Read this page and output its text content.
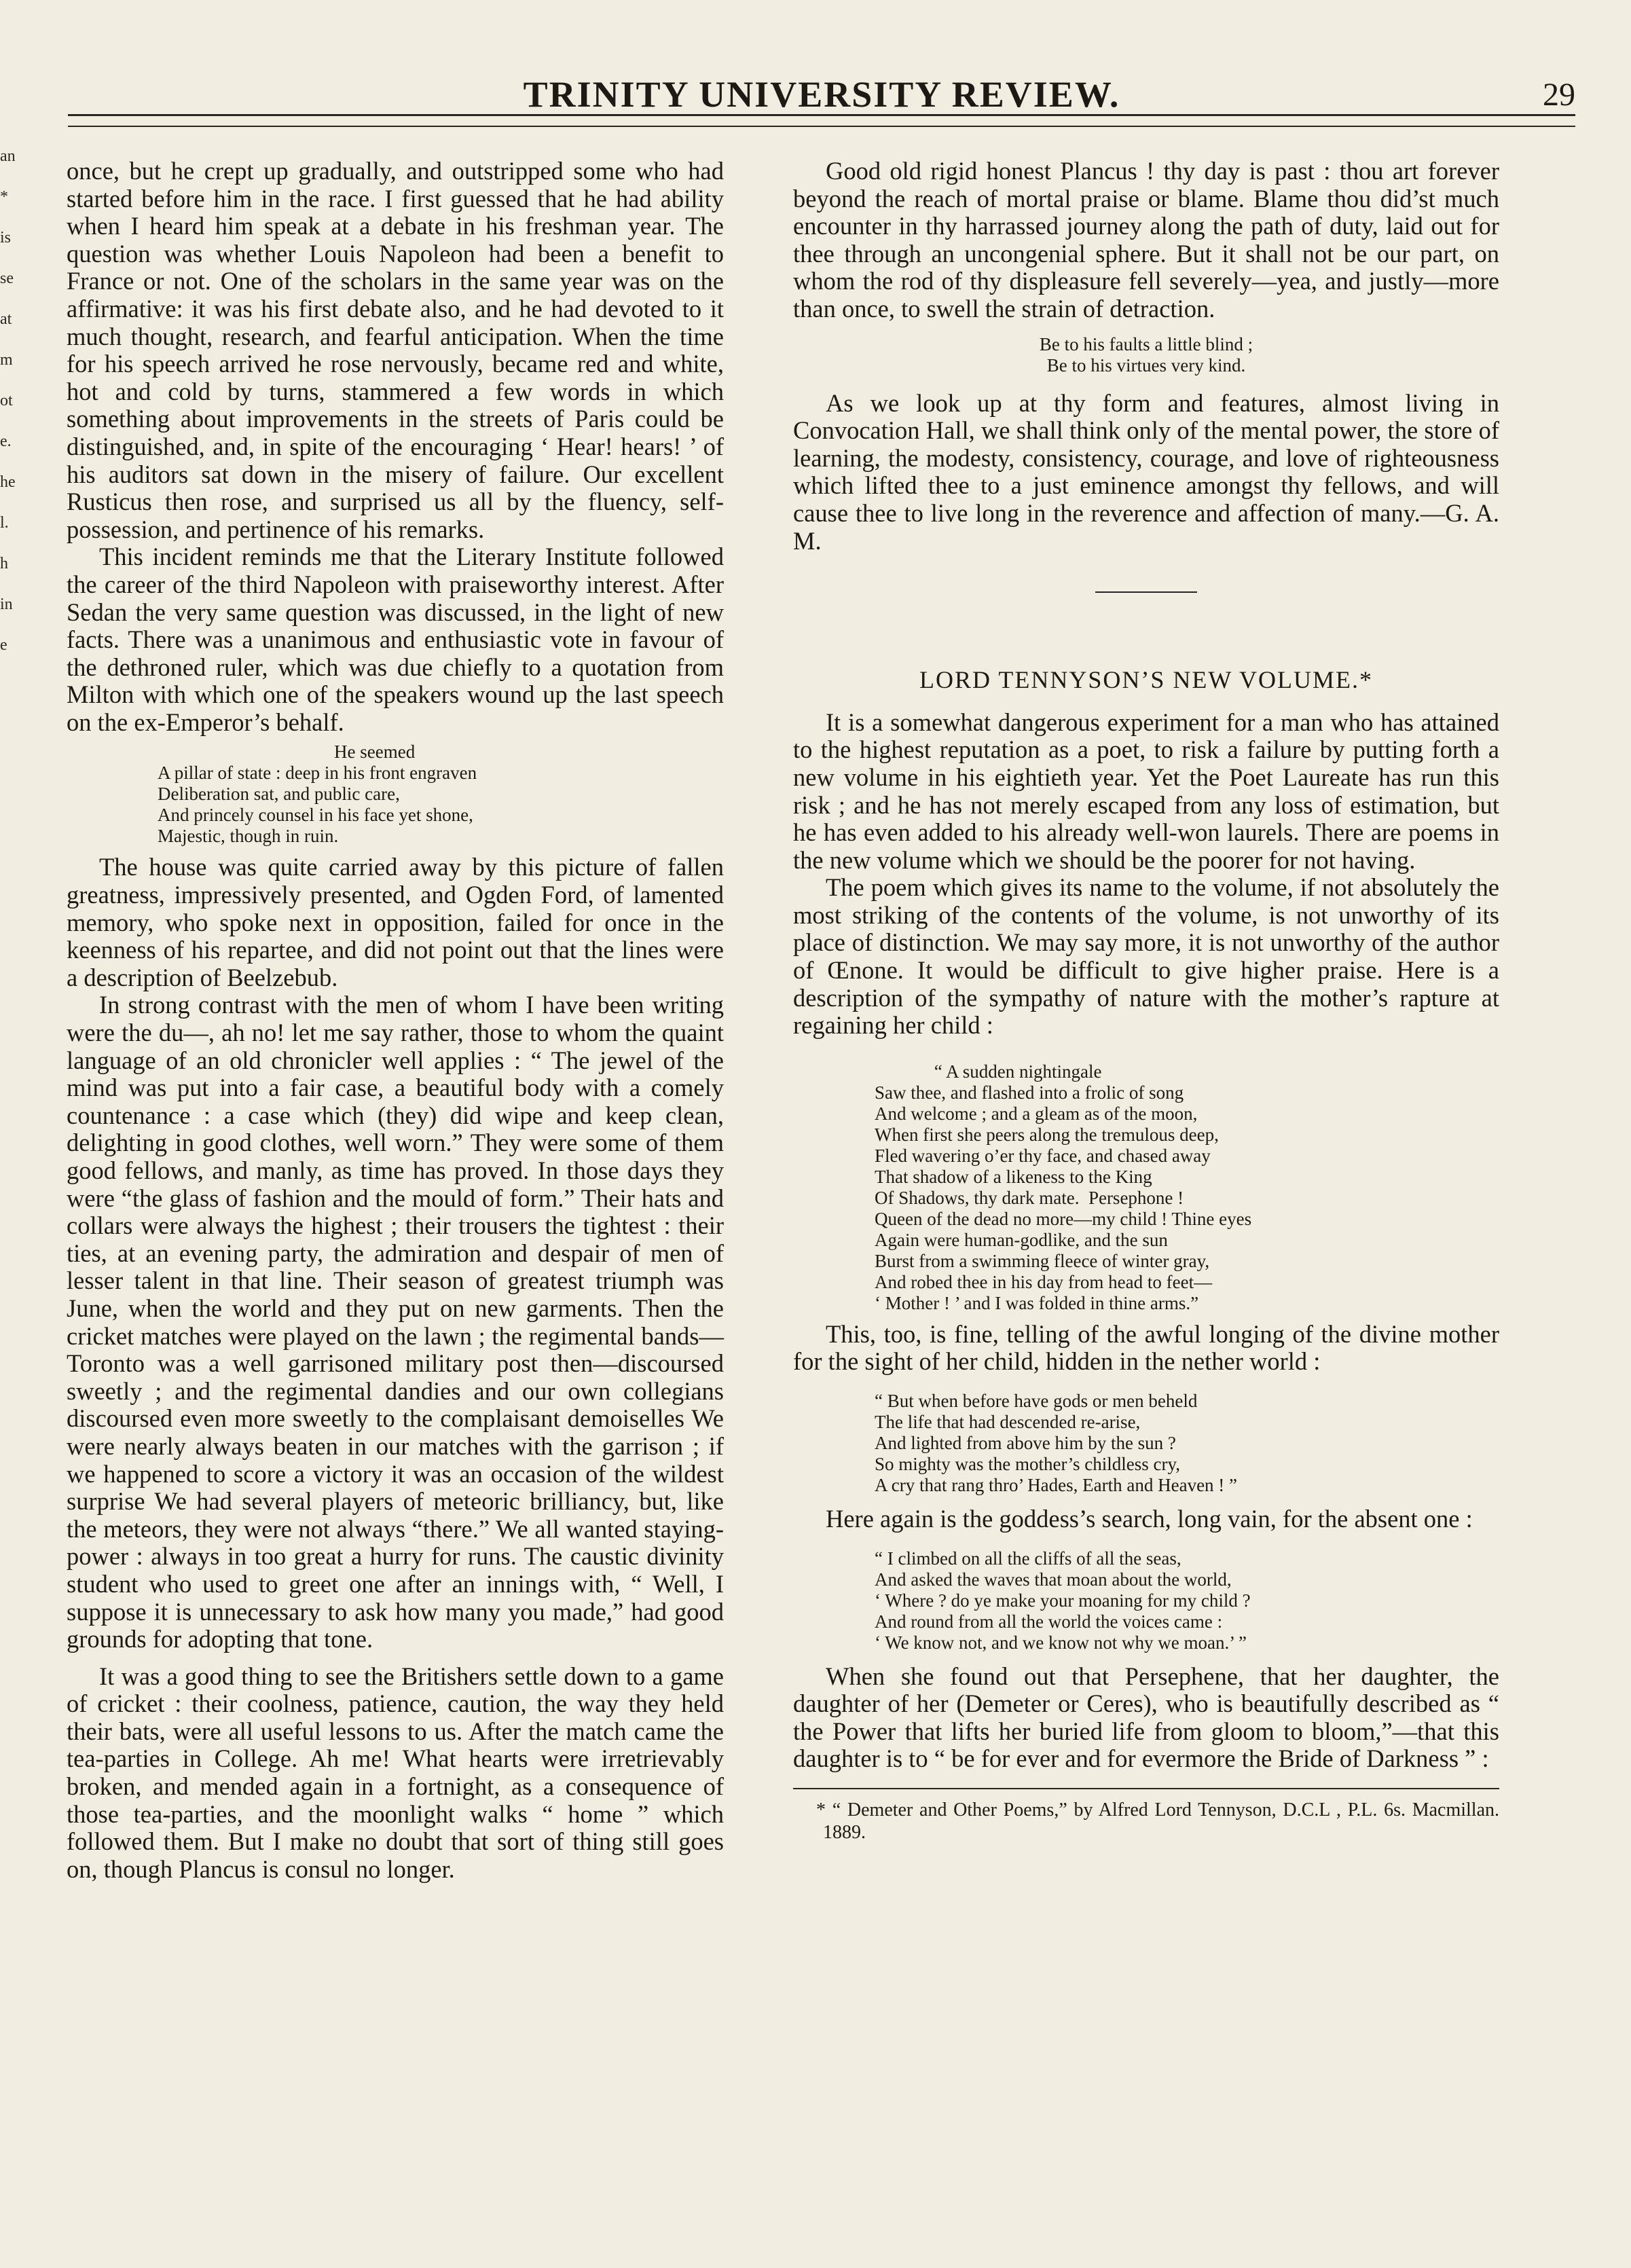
an
*
is
se
at
m
ot
e.
he
l.
h
in
e
TRINITY UNIVERSITY REVIEW.	29

once, but he crept up gradually, and outstripped some who had started before him in the race. I first guessed that he had ability when I heard him speak at a debate in his freshman year. The question was whether Louis Napoleon had been a benefit to France or not. One of the scholars in the same year was on the affirmative: it was his first debate also, and he had devoted to it much thought, research, and fearful anticipation. When the time for his speech arrived he rose nervously, became red and white, hot and cold by turns, stammered a few words in which something about improvements in the streets of Paris could be distinguished, and, in spite of the encouraging ‘ Hear! hears! ’ of his auditors sat down in the misery of failure. Our excellent Rusticus then rose, and surprised us all by the fluency, self-possession, and pertinence of his remarks.

This incident reminds me that the Literary Institute followed the career of the third Napoleon with praiseworthy interest. After Sedan the very same question was discussed, in the light of new facts. There was a unanimous and enthusiastic vote in favour of the dethroned ruler, which was due chiefly to a quotation from Milton with which one of the speakers wound up the last speech on the ex-Emperor’s behalf.

He seemed
A pillar of state : deep in his front engraven
Deliberation sat, and public care,
And princely counsel in his face yet shone,
Majestic, though in ruin.

The house was quite carried away by this picture of fallen greatness, impressively presented, and Ogden Ford, of lamented memory, who spoke next in opposition, failed for once in the keenness of his repartee, and did not point out that the lines were a description of Beelzebub.

In strong contrast with the men of whom I have been writing were the du—, ah no! let me say rather, those to whom the quaint language of an old chronicler well applies : “ The jewel of the mind was put into a fair case, a beautiful body with a comely countenance : a case which (they) did wipe and keep clean, delighting in good clothes, well worn.” They were some of them good fellows, and manly, as time has proved. In those days they were “the glass of fashion and the mould of form.” Their hats and collars were always the highest ; their trousers the tightest : their ties, at an evening party, the admiration and despair of men of lesser talent in that line. Their season of greatest triumph was June, when the world and they put on new garments. Then the cricket matches were played on the lawn ; the regimental bands—Toronto was a well garrisoned military post then—discoursed sweetly ; and the regimental dandies and our own collegians discoursed even more sweetly to the complaisant demoiselles We were nearly always beaten in our matches with the garrison ; if we happened to score a victory it was an occasion of the wildest surprise We had several players of meteoric brilliancy, but, like the meteors, they were not always “there.” We all wanted staying-power : always in too great a hurry for runs. The caustic divinity student who used to greet one after an innings with, “ Well, I suppose it is unnecessary to ask how many you made,” had good grounds for adopting that tone.

It was a good thing to see the Britishers settle down to a game of cricket : their coolness, patience, caution, the way they held their bats, were all useful lessons to us. After the match came the tea-parties in College. Ah me! What hearts were irretrievably broken, and mended again in a fortnight, as a consequence of those tea-parties, and the moonlight walks “ home ” which followed them. But I make no doubt that sort of thing still goes on, though Plancus is consul no longer.

Good old rigid honest Plancus ! thy day is past : thou art forever beyond the reach of mortal praise or blame. Blame thou did’st much encounter in thy harrassed journey along the path of duty, laid out for thee through an uncongenial sphere. But it shall not be our part, on whom the rod of thy displeasure fell severely—yea, and justly—more than once, to swell the strain of detraction.

Be to his faults a little blind ;
Be to his virtues very kind.

As we look up at thy form and features, almost living in Convocation Hall, we shall think only of the mental power, the store of learning, the modesty, consistency, courage, and love of righteousness which lifted thee to a just eminence amongst thy fellows, and will cause thee to live long in the reverence and affection of many.—G. A. M.

LORD TENNYSON’S NEW VOLUME.*

It is a somewhat dangerous experiment for a man who has attained to the highest reputation as a poet, to risk a failure by putting forth a new volume in his eightieth year. Yet the Poet Laureate has run this risk ; and he has not merely escaped from any loss of estimation, but he has even added to his already well-won laurels. There are poems in the new volume which we should be the poorer for not having.

The poem which gives its name to the volume, if not absolutely the most striking of the contents of the volume, is not unworthy of its place of distinction. We may say more, it is not unworthy of the author of Œnone. It would be difficult to give higher praise. Here is a description of the sympathy of nature with the mother’s rapture at regaining her child :

“ A sudden nightingale
Saw thee, and flashed into a frolic of song
And welcome ; and a gleam as of the moon,
When first she peers along the tremulous deep,
Fled wavering o’er thy face, and chased away
That shadow of a likeness to the King
Of Shadows, thy dark mate.  Persephone !
Queen of the dead no more—my child ! Thine eyes
Again were human-godlike, and the sun
Burst from a swimming fleece of winter gray,
And robed thee in his day from head to feet—
‘ Mother ! ’ and I was folded in thine arms.”

This, too, is fine, telling of the awful longing of the divine mother for the sight of her child, hidden in the nether world :

“ But when before have gods or men beheld
The life that had descended re-arise,
And lighted from above him by the sun ?
So mighty was the mother’s childless cry,
A cry that rang thro’ Hades, Earth and Heaven ! ”

Here again is the goddess’s search, long vain, for the absent one :

“ I climbed on all the cliffs of all the seas,
And asked the waves that moan about the world,
‘ Where ? do ye make your moaning for my child ?
And round from all the world the voices came :
‘ We know not, and we know not why we moan.’ ”

When she found out that Persephene, that her daughter, the daughter of her (Demeter or Ceres), who is beautifully described as “ the Power that lifts her buried life from gloom to bloom,”—that this daughter is to “ be for ever and for evermore the Bride of Darkness ” :

* “ Demeter and Other Poems,” by Alfred Lord Tennyson, D.C.L , P.L. 6s. Macmillan. 1889.
